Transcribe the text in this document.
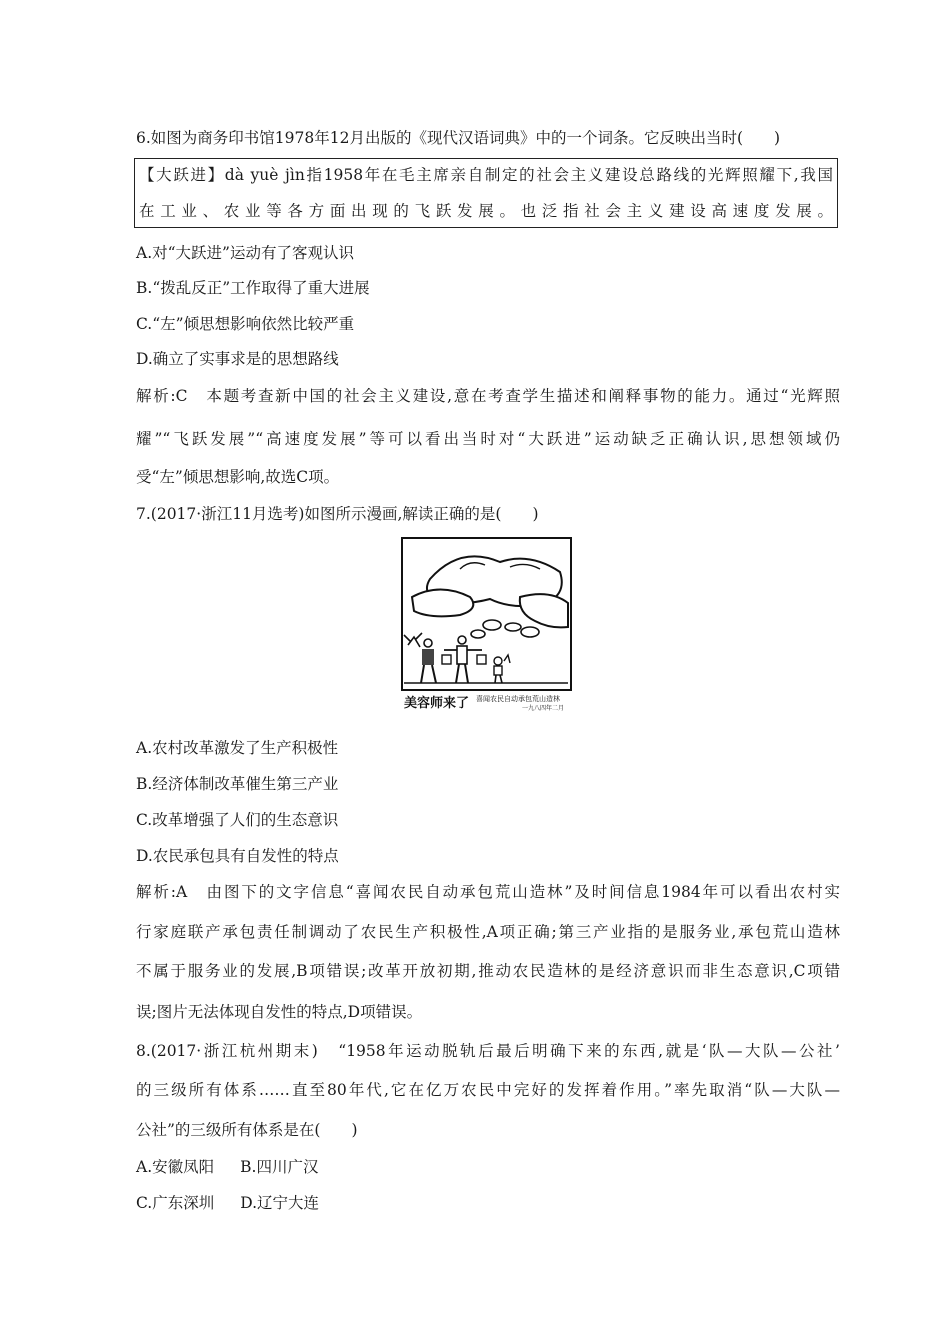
6.如图为商务印书馆1978年12月出版的《现代汉语词典》中的一个词条。它反映出当时(　　)
【大跃进】dà yuè jìn指1958年在毛主席亲自制定的社会主义建设总路线的光辉照耀下,我国
在工业、农业等各方面出现的飞跃发展。也泛指社会主义建设高速度发展。
A.对“大跃进”运动有了客观认识
B.“拨乱反正”工作取得了重大进展
C.“左”倾思想影响依然比较严重
D.确立了实事求是的思想路线
解析:C　本题考查新中国的社会主义建设,意在考查学生描述和阐释事物的能力。通过“光辉照
耀”“飞跃发展”“高速度发展”等可以看出当时对“大跃进”运动缺乏正确认识,思想领域仍
受“左”倾思想影响,故选C项。
7.(2017·浙江11月选考)如图所示漫画,解读正确的是(　　)
美容师来了 喜闻农民自动承包荒山造林
一九八四年二月
A.农村改革激发了生产积极性
B.经济体制改革催生第三产业
C.改革增强了人们的生态意识
D.农民承包具有自发性的特点
解析:A　由图下的文字信息“喜闻农民自动承包荒山造林”及时间信息1984年可以看出农村实
行家庭联产承包责任制调动了农民生产积极性,A项正确;第三产业指的是服务业,承包荒山造林
不属于服务业的发展,B项错误;改革开放初期,推动农民造林的是经济意识而非生态意识,C项错
误;图片无法体现自发性的特点,D项错误。
8.(2017·浙江杭州期末)　“1958年运动脱轨后最后明确下来的东西,就是‘队—大队—公社’
的三级所有体系……直至80年代,它在亿万农民中完好的发挥着作用。”率先取消“队—大队—
公社”的三级所有体系是在(　　)
A.安徽凤阳 B.四川广汉
C.广东深圳 D.辽宁大连
